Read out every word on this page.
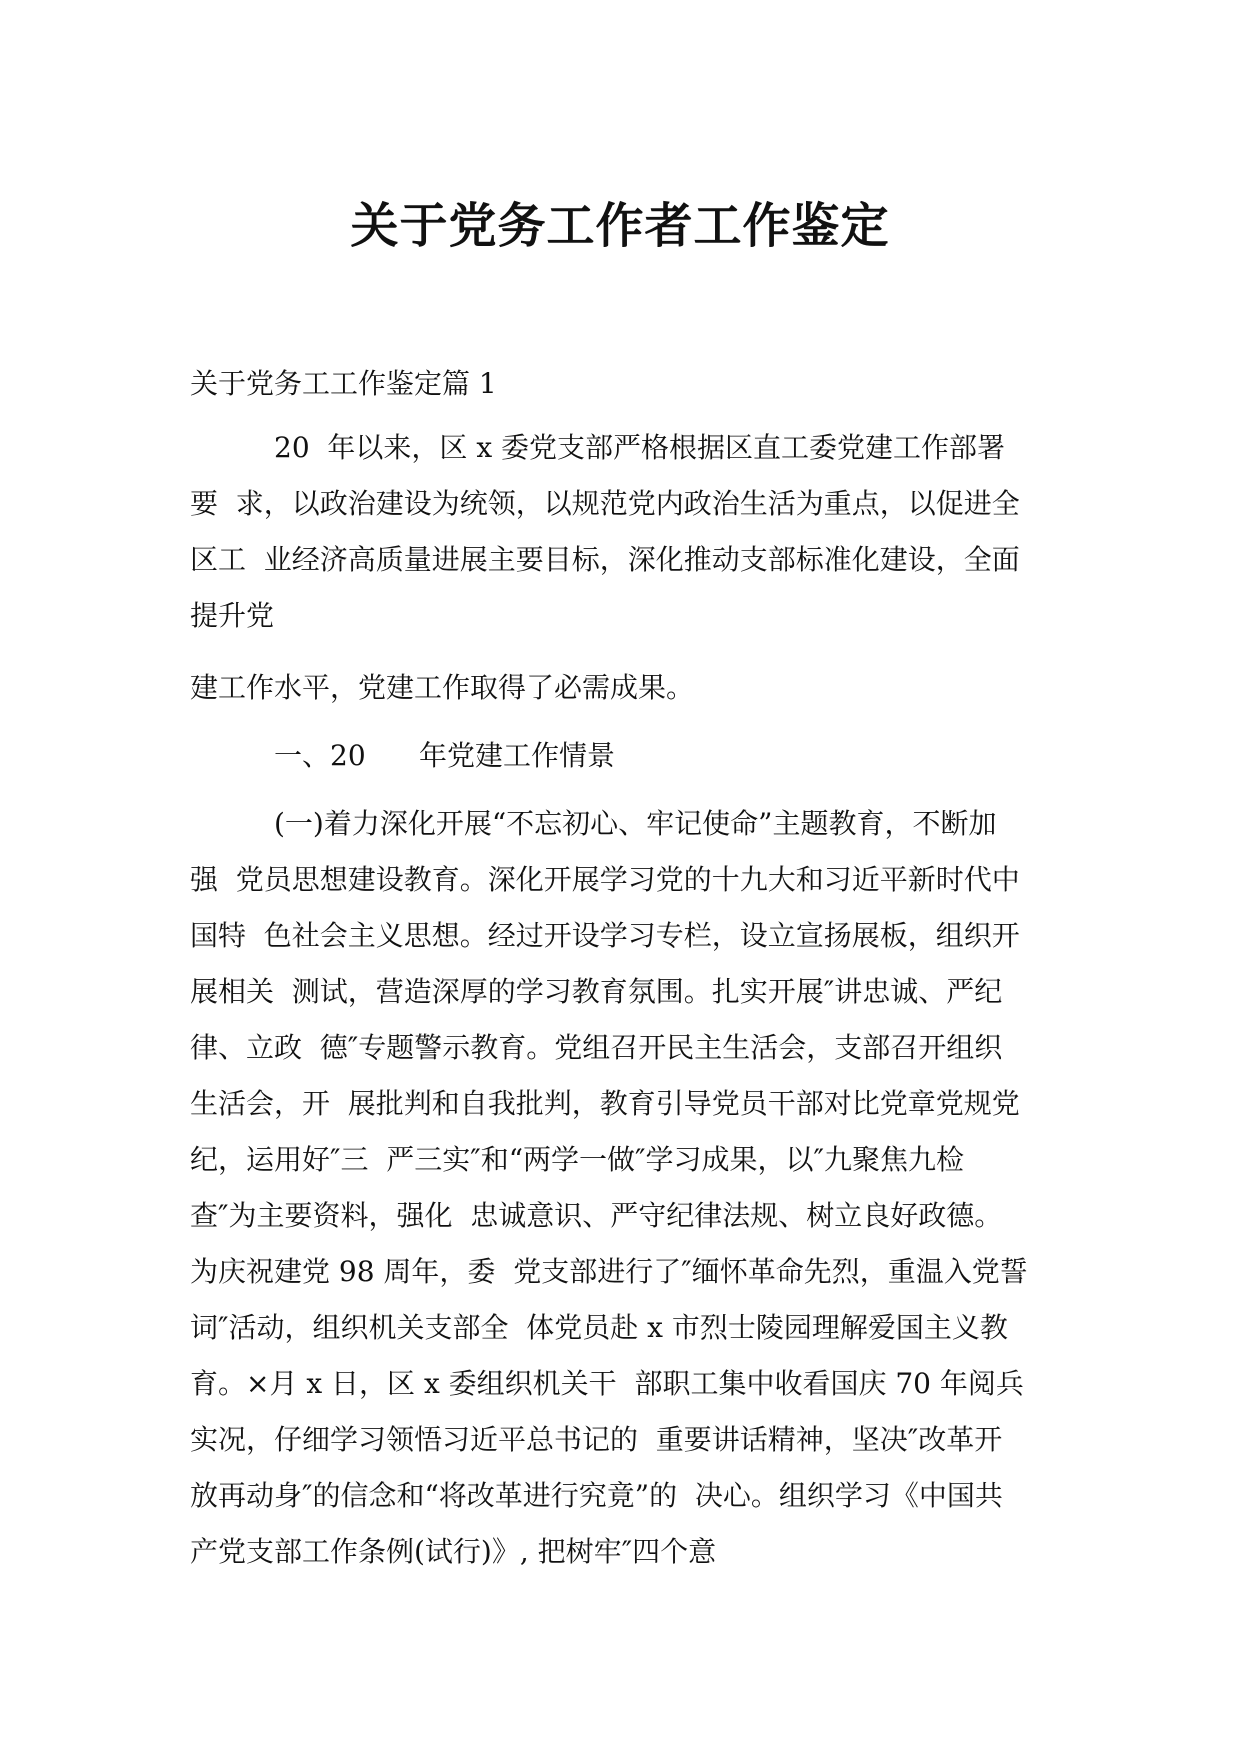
关于党务工作者工作鉴定
关于党务工工作鉴定篇 1
20  年以来，区 x 委党支部严格根据区直工委党建工作部署
要  求，以政治建设为统领，以规范党内政治生活为重点，以促进全
区工  业经济高质量进展主要目标，深化推动支部标准化建设，全面
提升党
建工作水平，党建工作取得了必需成果。
一、20      年党建工作情景
(一)着力深化开展“不忘初心、牢记使命”主题教育，不断加
强  党员思想建设教育。深化开展学习党的十九大和习近平新时代中
国特  色社会主义思想。经过开设学习专栏，设立宣扬展板，组织开
展相关  测试，营造深厚的学习教育氛围。扎实开展″讲忠诚、严纪
律、立政  德″专题警示教育。党组召开民主生活会，支部召开组织
生活会，开  展批判和自我批判，教育引导党员干部对比党章党规党
纪，运用好″三  严三实″和“两学一做″学习成果，以″九聚焦九检
查″为主要资料，强化  忠诚意识、严守纪律法规、树立良好政德。
为庆祝建党 98 周年，委  党支部进行了″缅怀革命先烈，重温入党誓
词″活动，组织机关支部全  体党员赴 x 市烈士陵园理解爱国主义教
育。×月 x 日，区 x 委组织机关干  部职工集中收看国庆 70 年阅兵
实况，仔细学习领悟习近平总书记的  重要讲话精神，坚决″改革开
放再动身″的信念和“将改革进行究竟”的  决心。组织学习《中国共
产党支部工作条例(试行)》, 把树牢″四个意
